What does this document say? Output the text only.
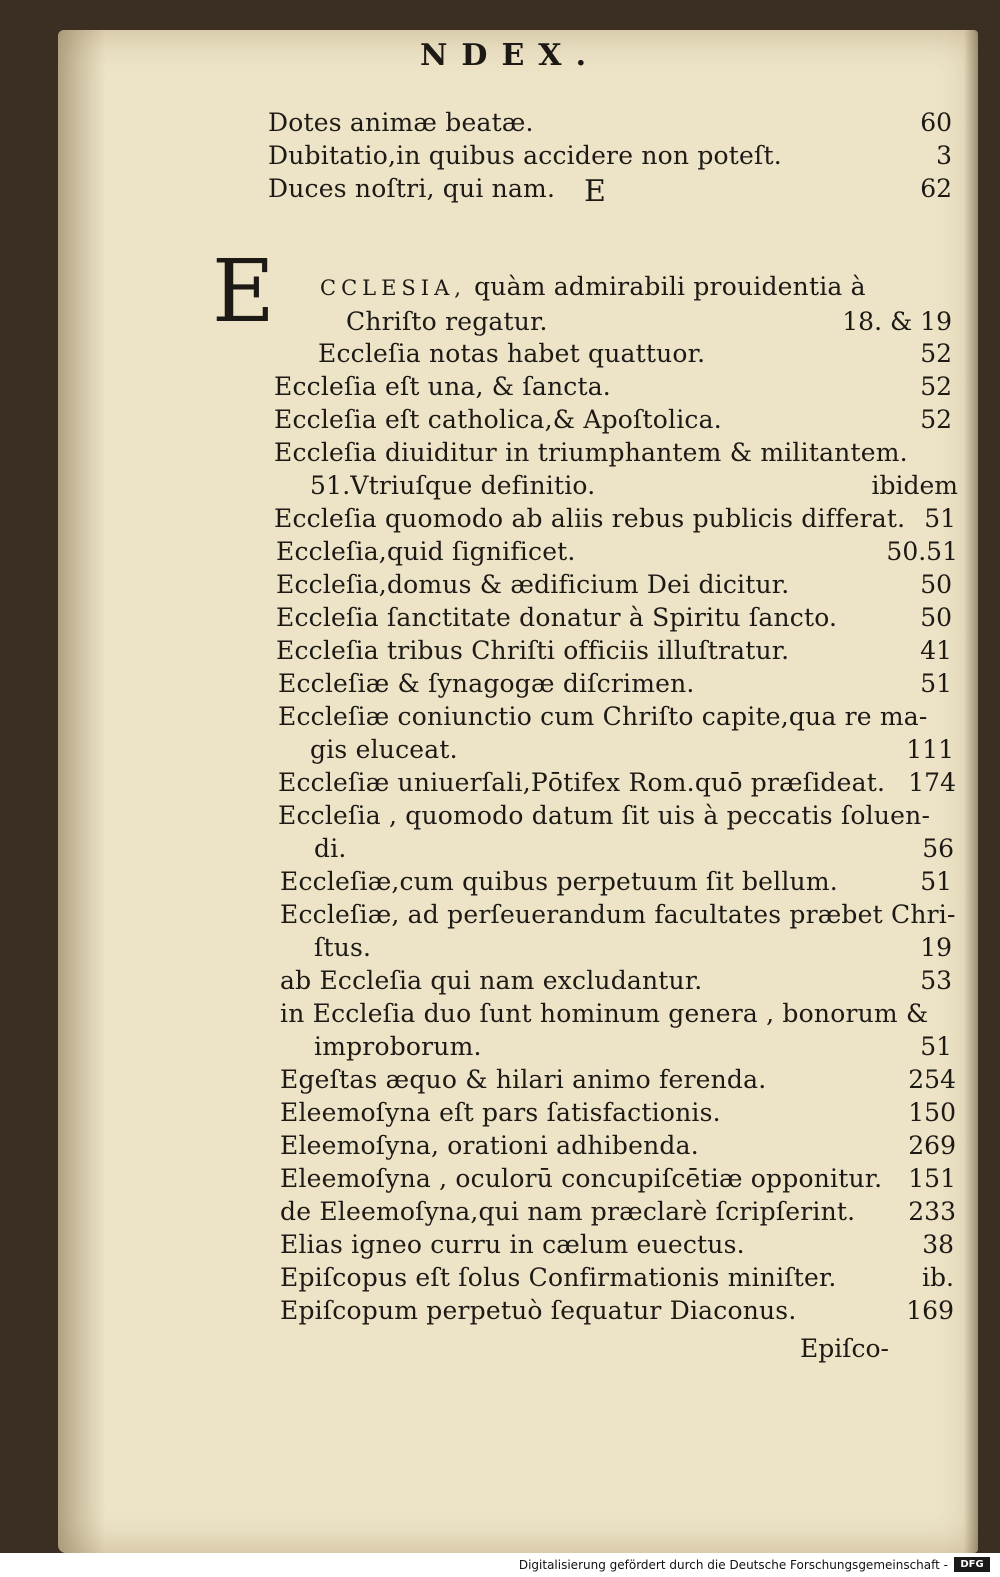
NDEX.
Dotes animæ beatæ.	60
Dubitatio,in quibus accidere non poteſt.	3
Duces noſtri, qui nam.	62
E
E CCLESIA, quàm admirabili prouidentia à
Chriſto regatur.	18. & 19
Eccleſia notas habet quattuor.	52
Eccleſia eſt una, & ſancta.	52
Eccleſia eſt catholica,& Apoſtolica.	52
Eccleſia diuiditur in triumphantem & militantem.
51.Vtriuſque definitio.	ibidem
Eccleſia quomodo ab aliis rebus publicis differat. 51
Eccleſia,quid ſignificet.	50.51
Eccleſia,domus & ædificium Dei dicitur.	50
Eccleſia ſanctitate donatur à Spiritu ſancto.	50
Eccleſia tribus Chriſti officiis illuſtratur.	41
Eccleſiæ & ſynagogæ diſcrimen.	51
Eccleſiæ coniunctio cum Chriſto capite,qua re ma-
gis eluceat.	111
Eccleſiæ uniuerſali,Pōtifex Rom.quō præſideat. 174
Eccleſia , quomodo datum ſit uis à peccatis ſoluen-
di.	56
Eccleſiæ,cum quibus perpetuum ſit bellum.	51
Eccleſiæ, ad perſeuerandum facultates præbet Chri-
ſtus.	19
ab Eccleſia qui nam excludantur.	53
in Eccleſia duo ſunt hominum genera , bonorum &
improborum.	51
Egeſtas æquo & hilari animo ferenda.	254
Eleemoſyna eſt pars ſatisfactionis.	150
Eleemoſyna, orationi adhibenda.	269
Eleemoſyna , oculorū concupiſcētiæ opponitur. 151
de Eleemoſyna,qui nam præclarè ſcripſerint. 233
Elias igneo curru in cælum euectus.	38
Epiſcopus eſt ſolus Confirmationis miniſter.	ib.
Epiſcopum perpetuò ſequatur Diaconus.	169
Epiſco-
Digitalisierung gefördert durch die Deutsche Forschungsgemeinschaft -	DFG
